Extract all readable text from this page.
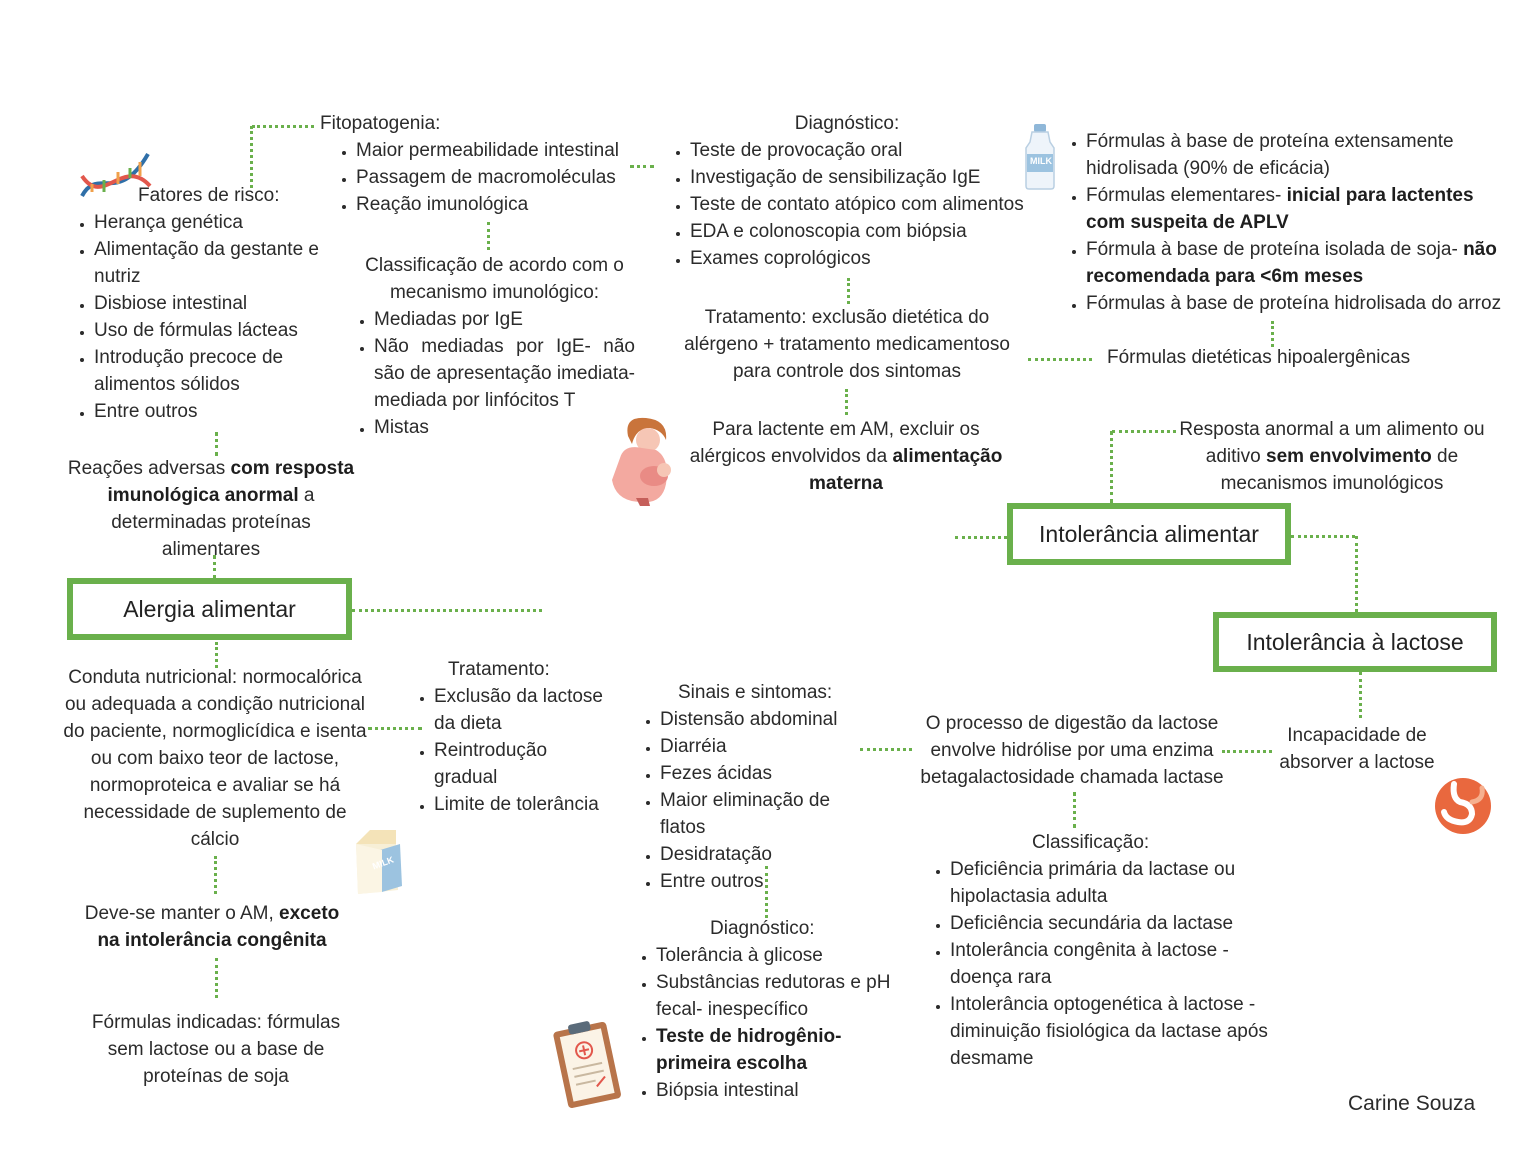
MILK
MILK
Fatores de risco:
• Herança genética
• Alimentação da gestante e nutriz
• Disbiose intestinal
• Uso de fórmulas lácteas
• Introdução precoce de alimentos sólidos
• Entre outros
Fitopatogenia:
• Maior permeabilidade intestinal
• Passagem de macromoléculas
• Reação imunológica
Classificação de acordo com o mecanismo imunológico:
• Mediadas por IgE
• Não mediadas por IgE- não são de apresentação imediata- mediada por linfócitos T
• Mistas
Diagnóstico:
• Teste de provocação oral
• Investigação de sensibilização IgE
• Teste de contato atópico com alimentos
• EDA e colonoscopia com biópsia
• Exames coprológicos
• Fórmulas à base de proteína extensamente hidrolisada (90% de eficácia)
• Fórmulas elementares- inicial para lactentes com suspeita de APLV
• Fórmula à base de proteína isolada de soja- não recomendada para <6m meses
• Fórmulas à base de proteína hidrolisada do arroz
Tratamento: exclusão dietética do alérgeno + tratamento medicamentoso para controle dos sintomas
Fórmulas dietéticas hipoalergênicas
Para lactente em AM, excluir os alérgicos envolvidos da alimentação materna
Reações adversas com resposta imunológica anormal a determinadas proteínas alimentares
Alergia alimentar
Intolerância alimentar
Intolerância à lactose
Resposta anormal a um alimento ou aditivo sem envolvimento de mecanismos imunológicos
Conduta nutricional: normocalórica ou adequada a condição nutricional do paciente, normoglicídica e isenta ou com baixo teor de lactose, normoproteica e avaliar se há necessidade de suplemento de cálcio
Tratamento:
• Exclusão da lactose da dieta
• Reintrodução gradual
• Limite de tolerância
Sinais e sintomas:
• Distensão abdominal
• Diarréia
• Fezes ácidas
• Maior eliminação de flatos
• Desidratação
• Entre outros
O processo de digestão da lactose envolve hidrólise por uma enzima betagalactosidade chamada lactase
Incapacidade de absorver a lactose
Classificação:
• Deficiência primária da lactase ou hipolactasia adulta
• Deficiência secundária da lactase
• Intolerância congênita à lactose - doença rara
• Intolerância optogenética à lactose - diminuição fisiológica da lactase após desmame
Deve-se manter o AM, exceto na intolerância congênita
Diagnóstico:
• Tolerância à glicose
• Substâncias redutoras e pH fecal- inespecífico
• Teste de hidrogênio- primeira escolha
• Biópsia intestinal
Fórmulas indicadas: fórmulas sem lactose ou a base de proteínas de soja
Carine Souza
